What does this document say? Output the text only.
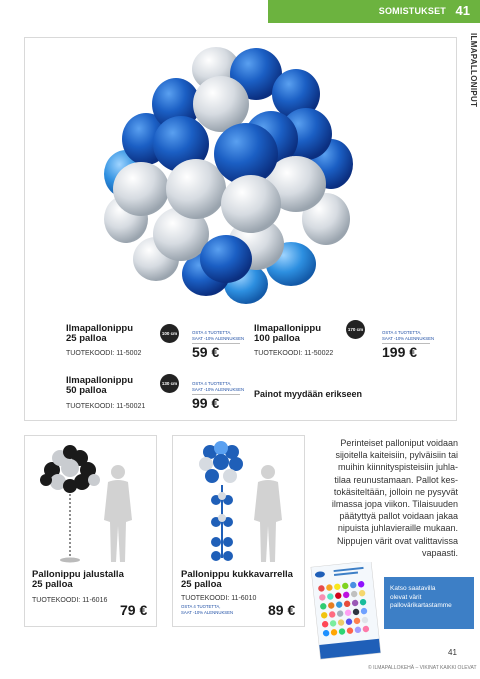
SOMISTUKSET 41
ILMAPALLONIPUT
Ilmapallonippu
25 palloa
TUOTEKOODI: 11-5002
100 cm	OSTA 4 TUOTETTA,
SAAT -10% ALENNUKSEN
59 €
Ilmapallonippu
100 palloa
TUOTEKOODI: 11-50022
170 cm
OSTA 4 TUOTETTA,
SAAT -10% ALENNUKSEN
199 €
Ilmapallonippu
50 palloa
TUOTEKOODI: 11-50021
130 cm	OSTA 4 TUOTETTA,
SAAT -10% ALENNUKSEN
99 €
Painot myydään erikseen
Pallonippu jalustalla
25 palloa
TUOTEKOODI: 11-6016
79 €
Pallonippu kukkavarrella
25 palloa
TUOTEKOODI: 11-6010
OSTA 4 TUOTETTA,
SAAT -10% ALENNUKSEN 89 €
Perinteiset palloniput voidaan
sijoitella kaiteisiin, pylväisiin tai
muihin kiinnityspisteisiin juhla-
tilaa reunustamaan. Pallot kes-
tokäsiteltään, jolloin ne pysyvät
ilmassa jopa viikon. Tilaisuuden
päätyttyä pallot voidaan jakaa
nipuista juhlavieraille mukaan.
Nippujen värit ovat valittavissa
vapaasti.
Katso saatavilla
olevat värit
pallovärikartastamme
41
© ILMAPALLOKEHÄ – VIKINAT KAIKKI OLEVAT
